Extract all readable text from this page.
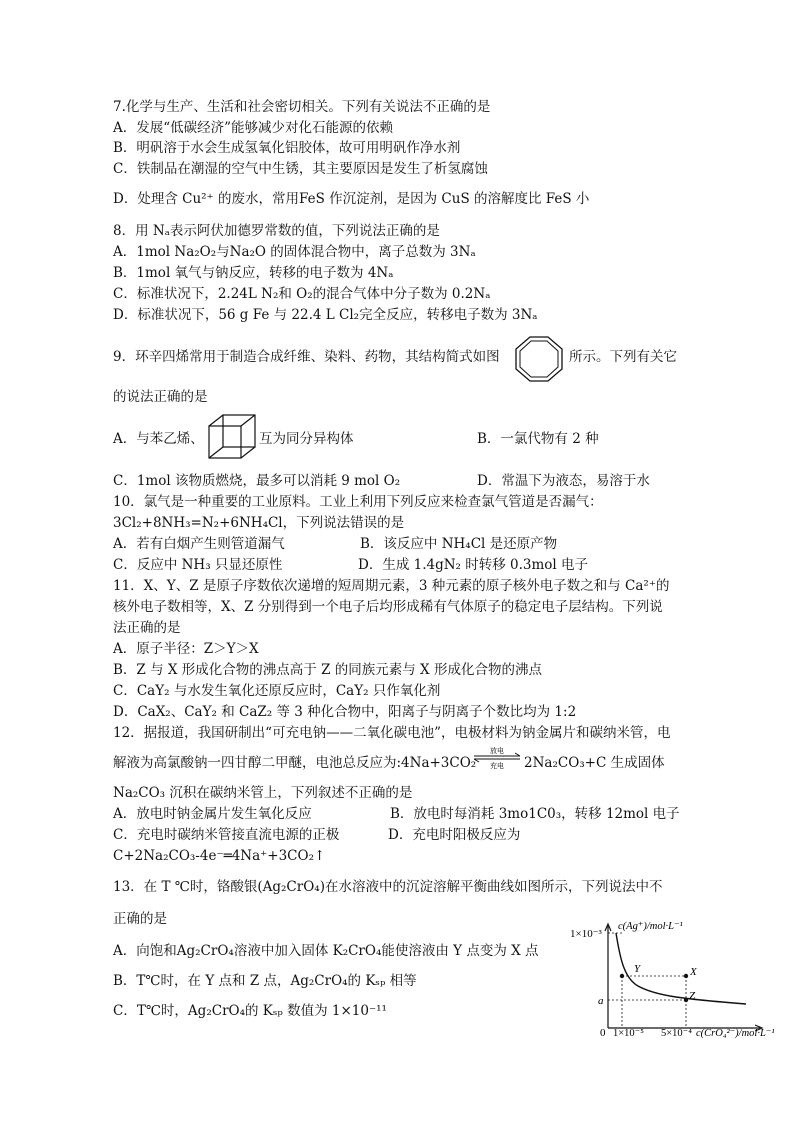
7.化学与生产、生活和社会密切相关。下列有关说法不正确的是
A．发展“低碳经济”能够减少对化石能源的依赖
B．明矾溶于水会生成氢氧化铝胶体，故可用明矾作净水剂
C．铁制品在潮湿的空气中生锈，其主要原因是发生了析氢腐蚀
D．处理含 Cu²⁺ 的废水，常用FeS 作沉淀剂，是因为 CuS 的溶解度比 FeS 小
8．用 Nₐ表示阿伏加德罗常数的值，下列说法正确的是
A．1mol Na₂O₂与Na₂O 的固体混合物中，离子总数为 3Nₐ
B．1mol 氧气与钠反应，转移的电子数为 4Nₐ
C．标准状况下，2.24L N₂和 O₂的混合气体中分子数为 0.2Nₐ
D．标准状况下，56 g Fe 与 22.4 L Cl₂完全反应，转移电子数为 3Nₐ
9．环辛四烯常用于制造合成纤维、染料、药物，其结构简式如图	所示。下列有关它
的说法正确的是
A．与苯乙烯、	互为同分异构体	B．一氯代物有 2 种
C．1mol 该物质燃烧，最多可以消耗 9 mol O₂	D．常温下为液态，易溶于水
10．氯气是一种重要的工业原料。工业上利用下列反应来检查氯气管道是否漏气：
3Cl₂+8NH₃=N₂+6NH₄Cl，下列说法错误的是
A．若有白烟产生则管道漏气	B．该反应中 NH₄Cl 是还原产物
C．反应中 NH₃ 只显还原性	D．生成 1.4gN₂ 时转移 0.3mol 电子
11．X、Y、Z 是原子序数依次递增的短周期元素，3 种元素的原子核外电子数之和与 Ca²⁺的
核外电子数相等，X、Z 分别得到一个电子后均形成稀有气体原子的稳定电子层结构。下列说
法正确的是
A．原子半径：Z＞Y＞X
B．Z 与 X 形成化合物的沸点高于 Z 的同族元素与 X 形成化合物的沸点
C．CaY₂ 与水发生氧化还原反应时，CaY₂ 只作氧化剂
D．CaX₂、CaY₂ 和 CaZ₂ 等 3 种化合物中，阳离子与阴离子个数比均为 1:2
12．据报道，我国研制出“可充电钠——二氧化碳电池”，电极材料为钠金属片和碳纳米管，电
解液为高氯酸钠一四甘醇二甲醚，电池总反应为:4Na+3CO₂
放电
充电 2Na₂CO₃+C 生成固体
Na₂CO₃ 沉积在碳纳米管上，下列叙述不正确的是
A．放电时钠金属片发生氧化反应	B．放电时每消耗 3mo1C0₃，转移 12mol 电子
C．充电时碳纳米管接直流电源的正极	D．充电时阳极反应为
C+2Na₂CO₃-4e⁻═4Na⁺+3CO₂↑
13．在 T ℃时，铬酸银(Ag₂CrO₄)在水溶液中的沉淀溶解平衡曲线如图所示，下列说法中不
正确的是
A．向饱和Ag₂CrO₄溶液中加入固体 K₂CrO₄能使溶液由 Y 点变为 X 点
B．T℃时，在 Y 点和 Z 点，Ag₂CrO₄的 Kₛₚ 相等
C．T℃时，Ag₂CrO₄的 Kₛₚ 数值为 1×10⁻¹¹
1×10⁻³
c(Ag⁺)/mol·L⁻¹
a
0 1×10⁻⁵ 5×10⁻⁴ c(CrO₄²⁻)/mol·L⁻¹
Y	X
Z
